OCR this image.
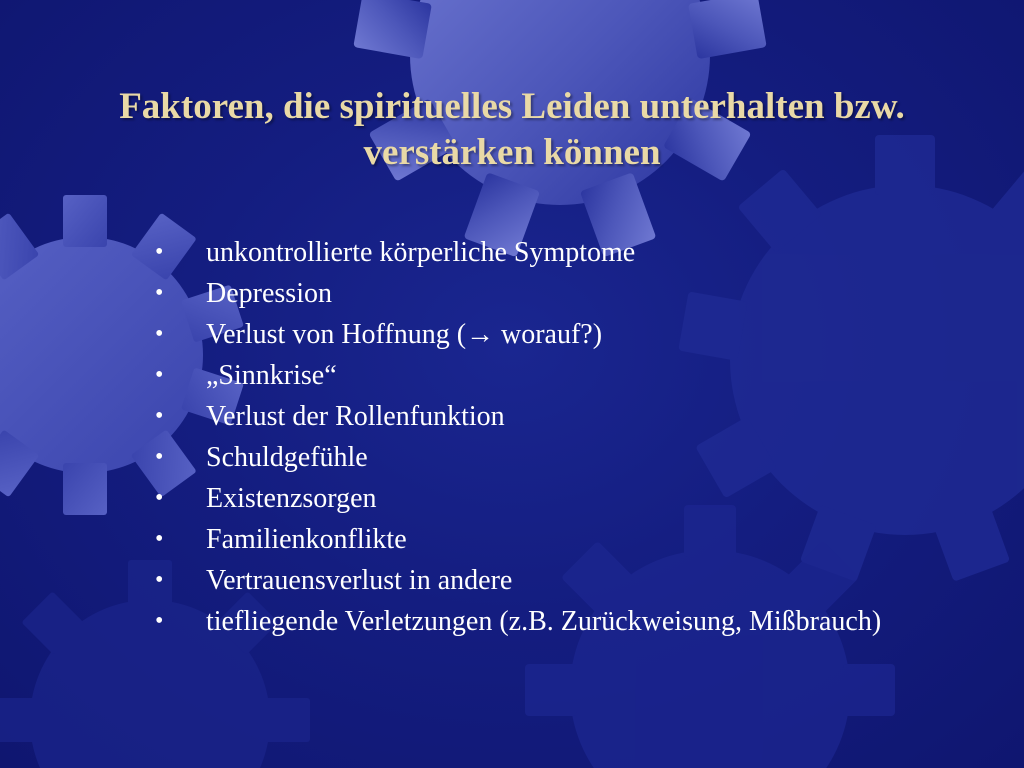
Faktoren, die spirituelles Leiden unterhalten bzw.
verstärken können
• unkontrollierte körperliche Symptome
• Depression
• Verlust von Hoffnung (→ worauf?)
• „Sinnkrise“
• Verlust der Rollenfunktion
• Schuldgefühle
• Existenzsorgen
• Familienkonflikte
• Vertrauensverlust in andere
• tiefliegende Verletzungen (z.B. Zurückweisung, Mißbrauch)
